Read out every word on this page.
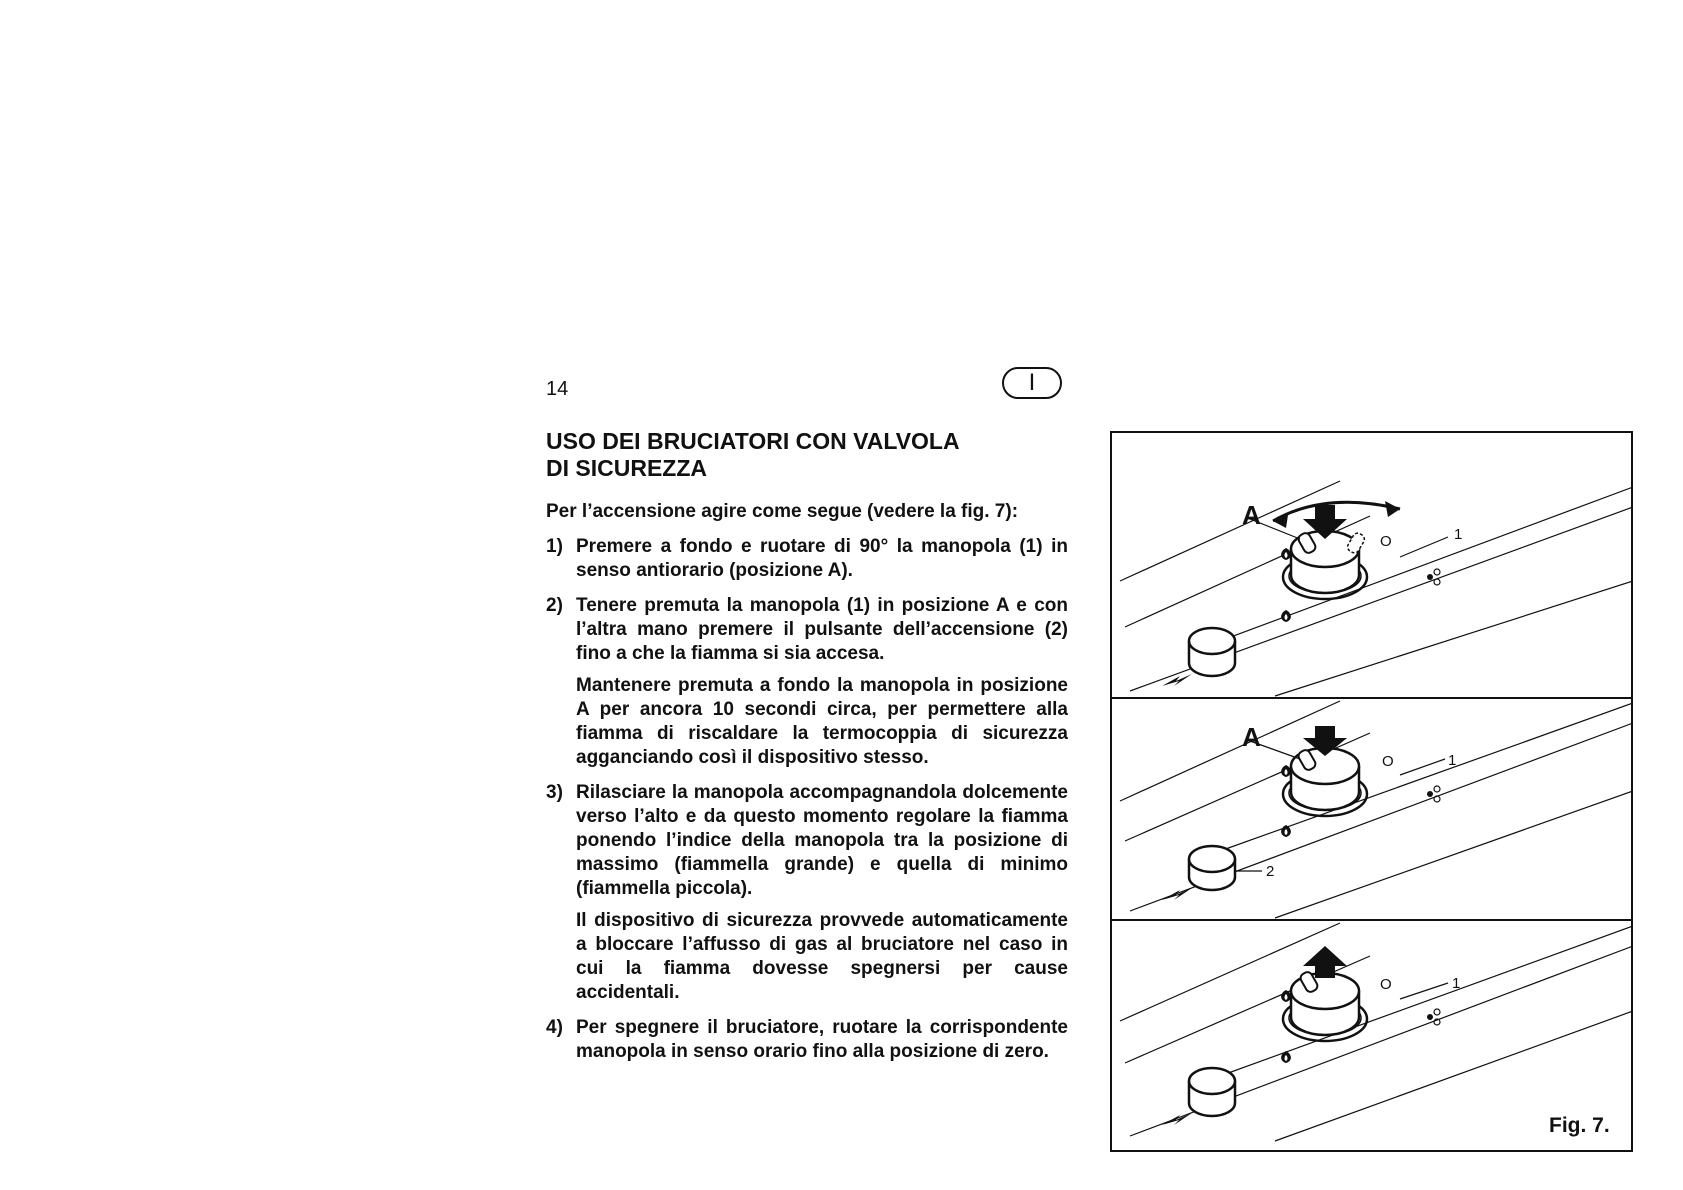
14	I
USO DEI BRUCIATORI CON VALVOLA
DI SICUREZZA

Per l’accensione agire come segue (vedere la fig. 7):

1) Premere a fondo e ruotare di 90° la manopola (1) in senso antiorario (posizione A).

2) Tenere premuta la manopola (1) in posizione A e con l’altra mano premere il pulsante dell’accensione (2) fino a che la fiamma si sia accesa.

Mantenere premuta a fondo la manopola in posizione A per ancora 10 secondi circa, per permettere alla fiamma di riscaldare la termocoppia di sicurezza agganciando così il dispositivo stesso.

3) Rilasciare la manopola accompagnandola dolcemente verso l’alto e da questo momento regolare la fiamma ponendo l’indice della manopola tra la posizione di massimo (fiammella grande) e quella di minimo (fiammella piccola).

Il dispositivo di sicurezza provvede automaticamente a bloccare l’affusso di gas al bruciatore nel caso in cui la fiamma dovesse spegnersi per cause accidentali.

4) Per spegnere il bruciatore, ruotare la corrispondente manopola in senso orario fino alla posizione di zero.

A
O	1
A
O	1
2
O	1
Fig. 7.
